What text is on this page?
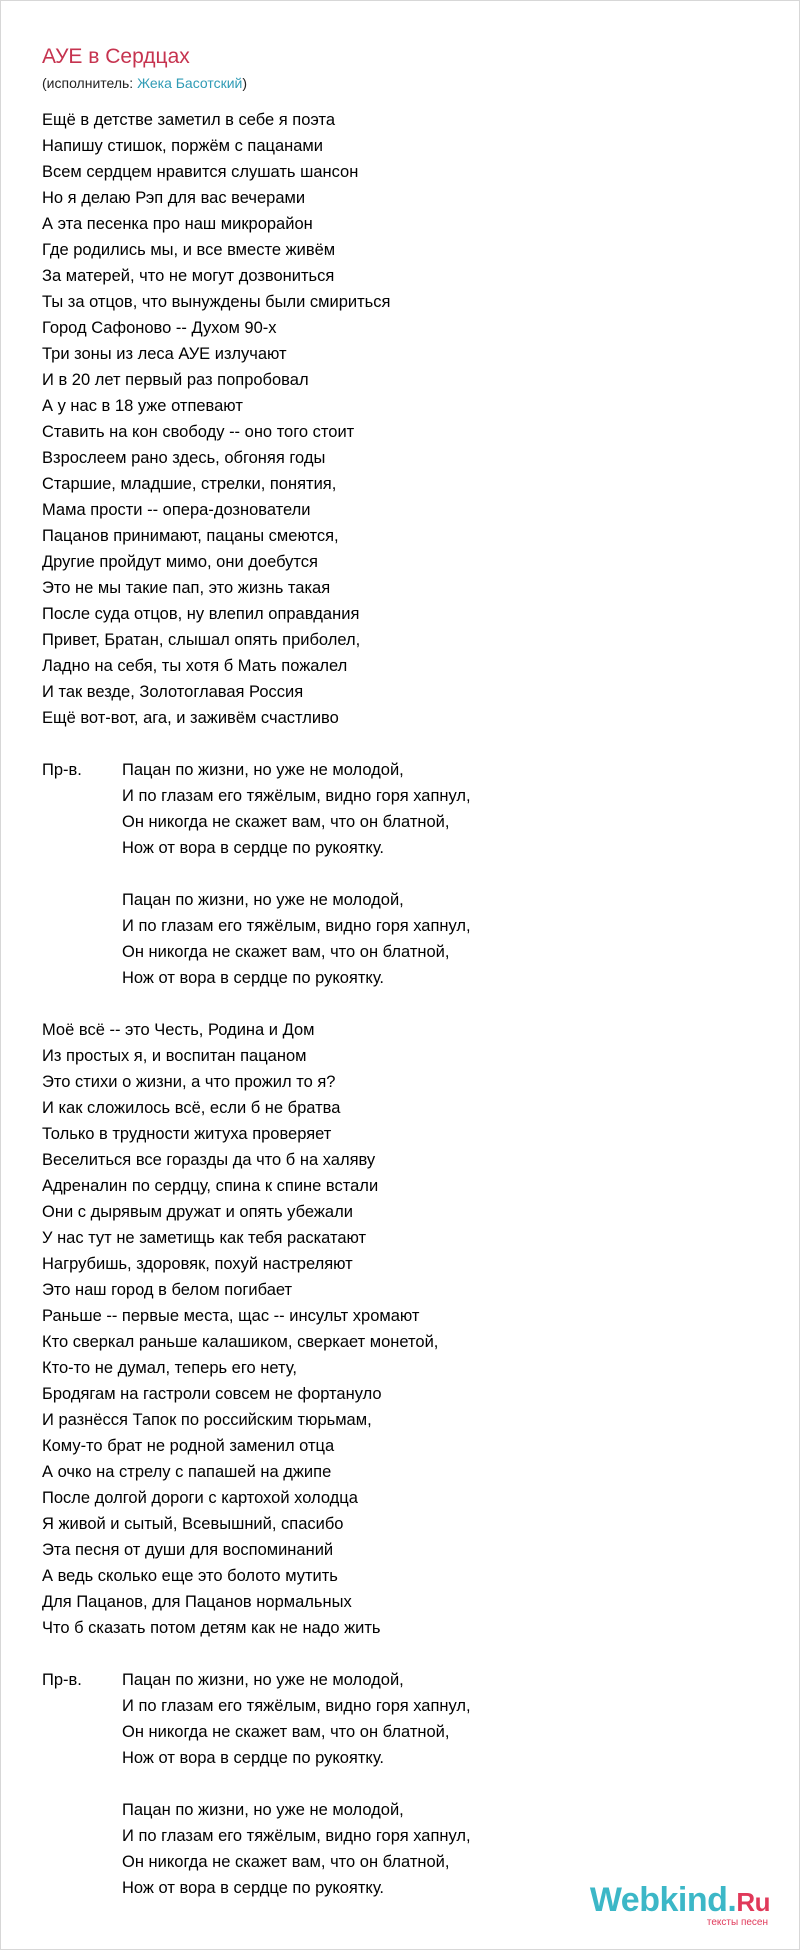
АУЕ в Сердцах
(исполнитель: Жека Басотский)
Ещё в детстве заметил в себе я поэта
Напишу стишок, поржём с пацанами
Всем сердцем нравится слушать шансон
Но я делаю Рэп для вас вечерами
А эта песенка про наш микрорайон
Где родились мы, и все вместе живём
За матерей, что не могут дозвониться
Ты за отцов, что вынуждены были смириться
Город Сафоново -- Духом 90-х
Три зоны из леса АУЕ излучают
И в 20 лет первый раз попробовал
А у нас в 18 уже отпевают
Ставить на кон свободу -- оно того стоит
Взрослеем рано здесь, обгоняя годы
Старшие, младшие, стрелки, понятия,
Мама прости -- опера-дознователи
Пацанов принимают, пацаны смеются,
Другие пройдут мимо, они доебутся
Это не мы такие пап, это жизнь такая
После суда отцов, ну влепил оправдания
Привет, Братан, слышал опять приболел,
Ладно на себя, ты хотя б Мать пожалел
И так везде, Золотоглавая Россия
Ещё вот-вот, ага, и заживём счастливо
Пр-в. Пацан по жизни, но уже не молодой,
И по глазам его тяжёлым, видно горя хапнул,
Он никогда не скажет вам, что он блатной,
Нож от вора в сердце по рукоятку.
Пацан по жизни, но уже не молодой,
И по глазам его тяжёлым, видно горя хапнул,
Он никогда не скажет вам, что он блатной,
Нож от вора в сердце по рукоятку.
Моё всё -- это Честь, Родина и Дом
Из простых я, и воспитан пацаном
Это стихи о жизни, а что прожил то я?
И как сложилось всё, если б не братва
Только в трудности житуха проверяет
Веселиться все горазды да что б на халяву
Адреналин по сердцу, спина к спине встали
Они с дырявым дружат и опять убежали
У нас тут не заметищь как тебя раскатают
Нагрубишь, здоровяк, похуй настреляют
Это наш город в белом погибает
Раньше -- первые места, щас -- инсульт хромают
Кто сверкал раньше калашиком, сверкает монетой,
Кто-то не думал, теперь его нету,
Бродягам на гастроли совсем не фортануло
И разнёсся Тапок по российским тюрьмам,
Кому-то брат не родной заменил отца
А очко на стрелу с папашей на джипе
После долгой дороги с картохой холодца
Я живой и сытый, Всевышний, спасибо
Эта песня от души для воспоминаний
А ведь сколько еще это болото мутить
Для Пацанов, для Пацанов нормальных
Что б сказать потом детям как не надо жить
Пр-в. Пацан по жизни, но уже не молодой,
И по глазам его тяжёлым, видно горя хапнул,
Он никогда не скажет вам, что он блатной,
Нож от вора в сердце по рукоятку.
Пацан по жизни, но уже не молодой,
И по глазам его тяжёлым, видно горя хапнул,
Он никогда не скажет вам, что он блатной,
Нож от вора в сердце по рукоятку.	Webkind.Ru
тексты песен
